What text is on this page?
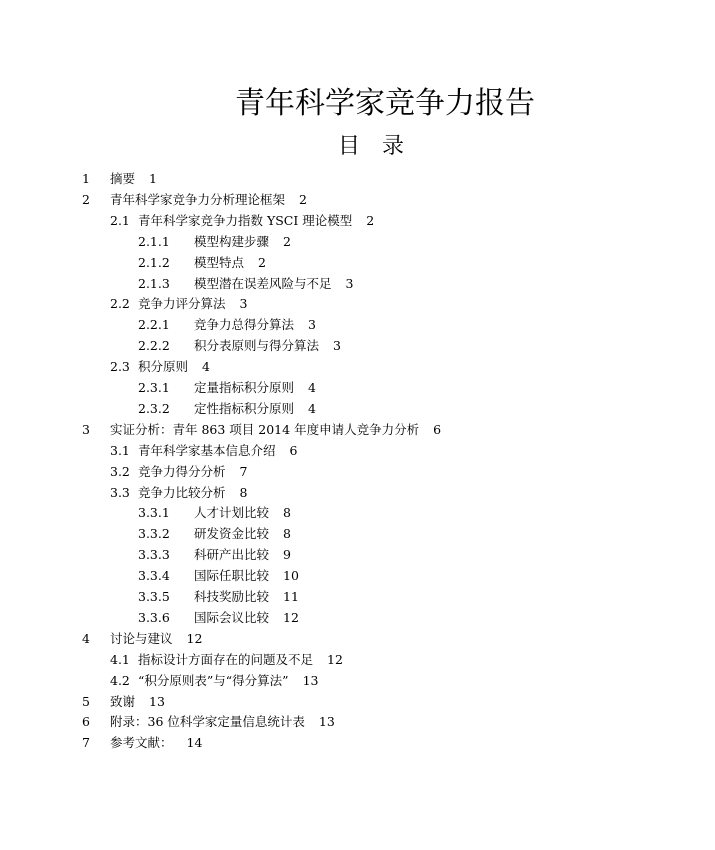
青年科学家竞争力报告
目　录
1 摘要 1
2 青年科学家竞争力分析理论框架 2
2.1 青年科学家竞争力指数 YSCI 理论模型 2
2.1.1 模型构建步骤 2
2.1.2 模型特点 2
2.1.3 模型潜在误差风险与不足 3
2.2 竞争力评分算法 3
2.2.1 竞争力总得分算法 3
2.2.2 积分表原则与得分算法 3
2.3 积分原则 4
2.3.1 定量指标积分原则 4
2.3.2 定性指标积分原则 4
3 实证分析：青年 863 项目 2014 年度申请人竞争力分析 6
3.1 青年科学家基本信息介绍 6
3.2 竞争力得分分析 7
3.3 竞争力比较分析 8
3.3.1 人才计划比较 8
3.3.2 研发资金比较 8
3.3.3 科研产出比较 9
3.3.4 国际任职比较 10
3.3.5 科技奖励比较 11
3.3.6 国际会议比较 12
4 讨论与建议 12
4.1 指标设计方面存在的问题及不足 12
4.2 “积分原则表”与“得分算法” 13
5 致谢 13
6 附录：36 位科学家定量信息统计表 13
7 参考文献： 14
